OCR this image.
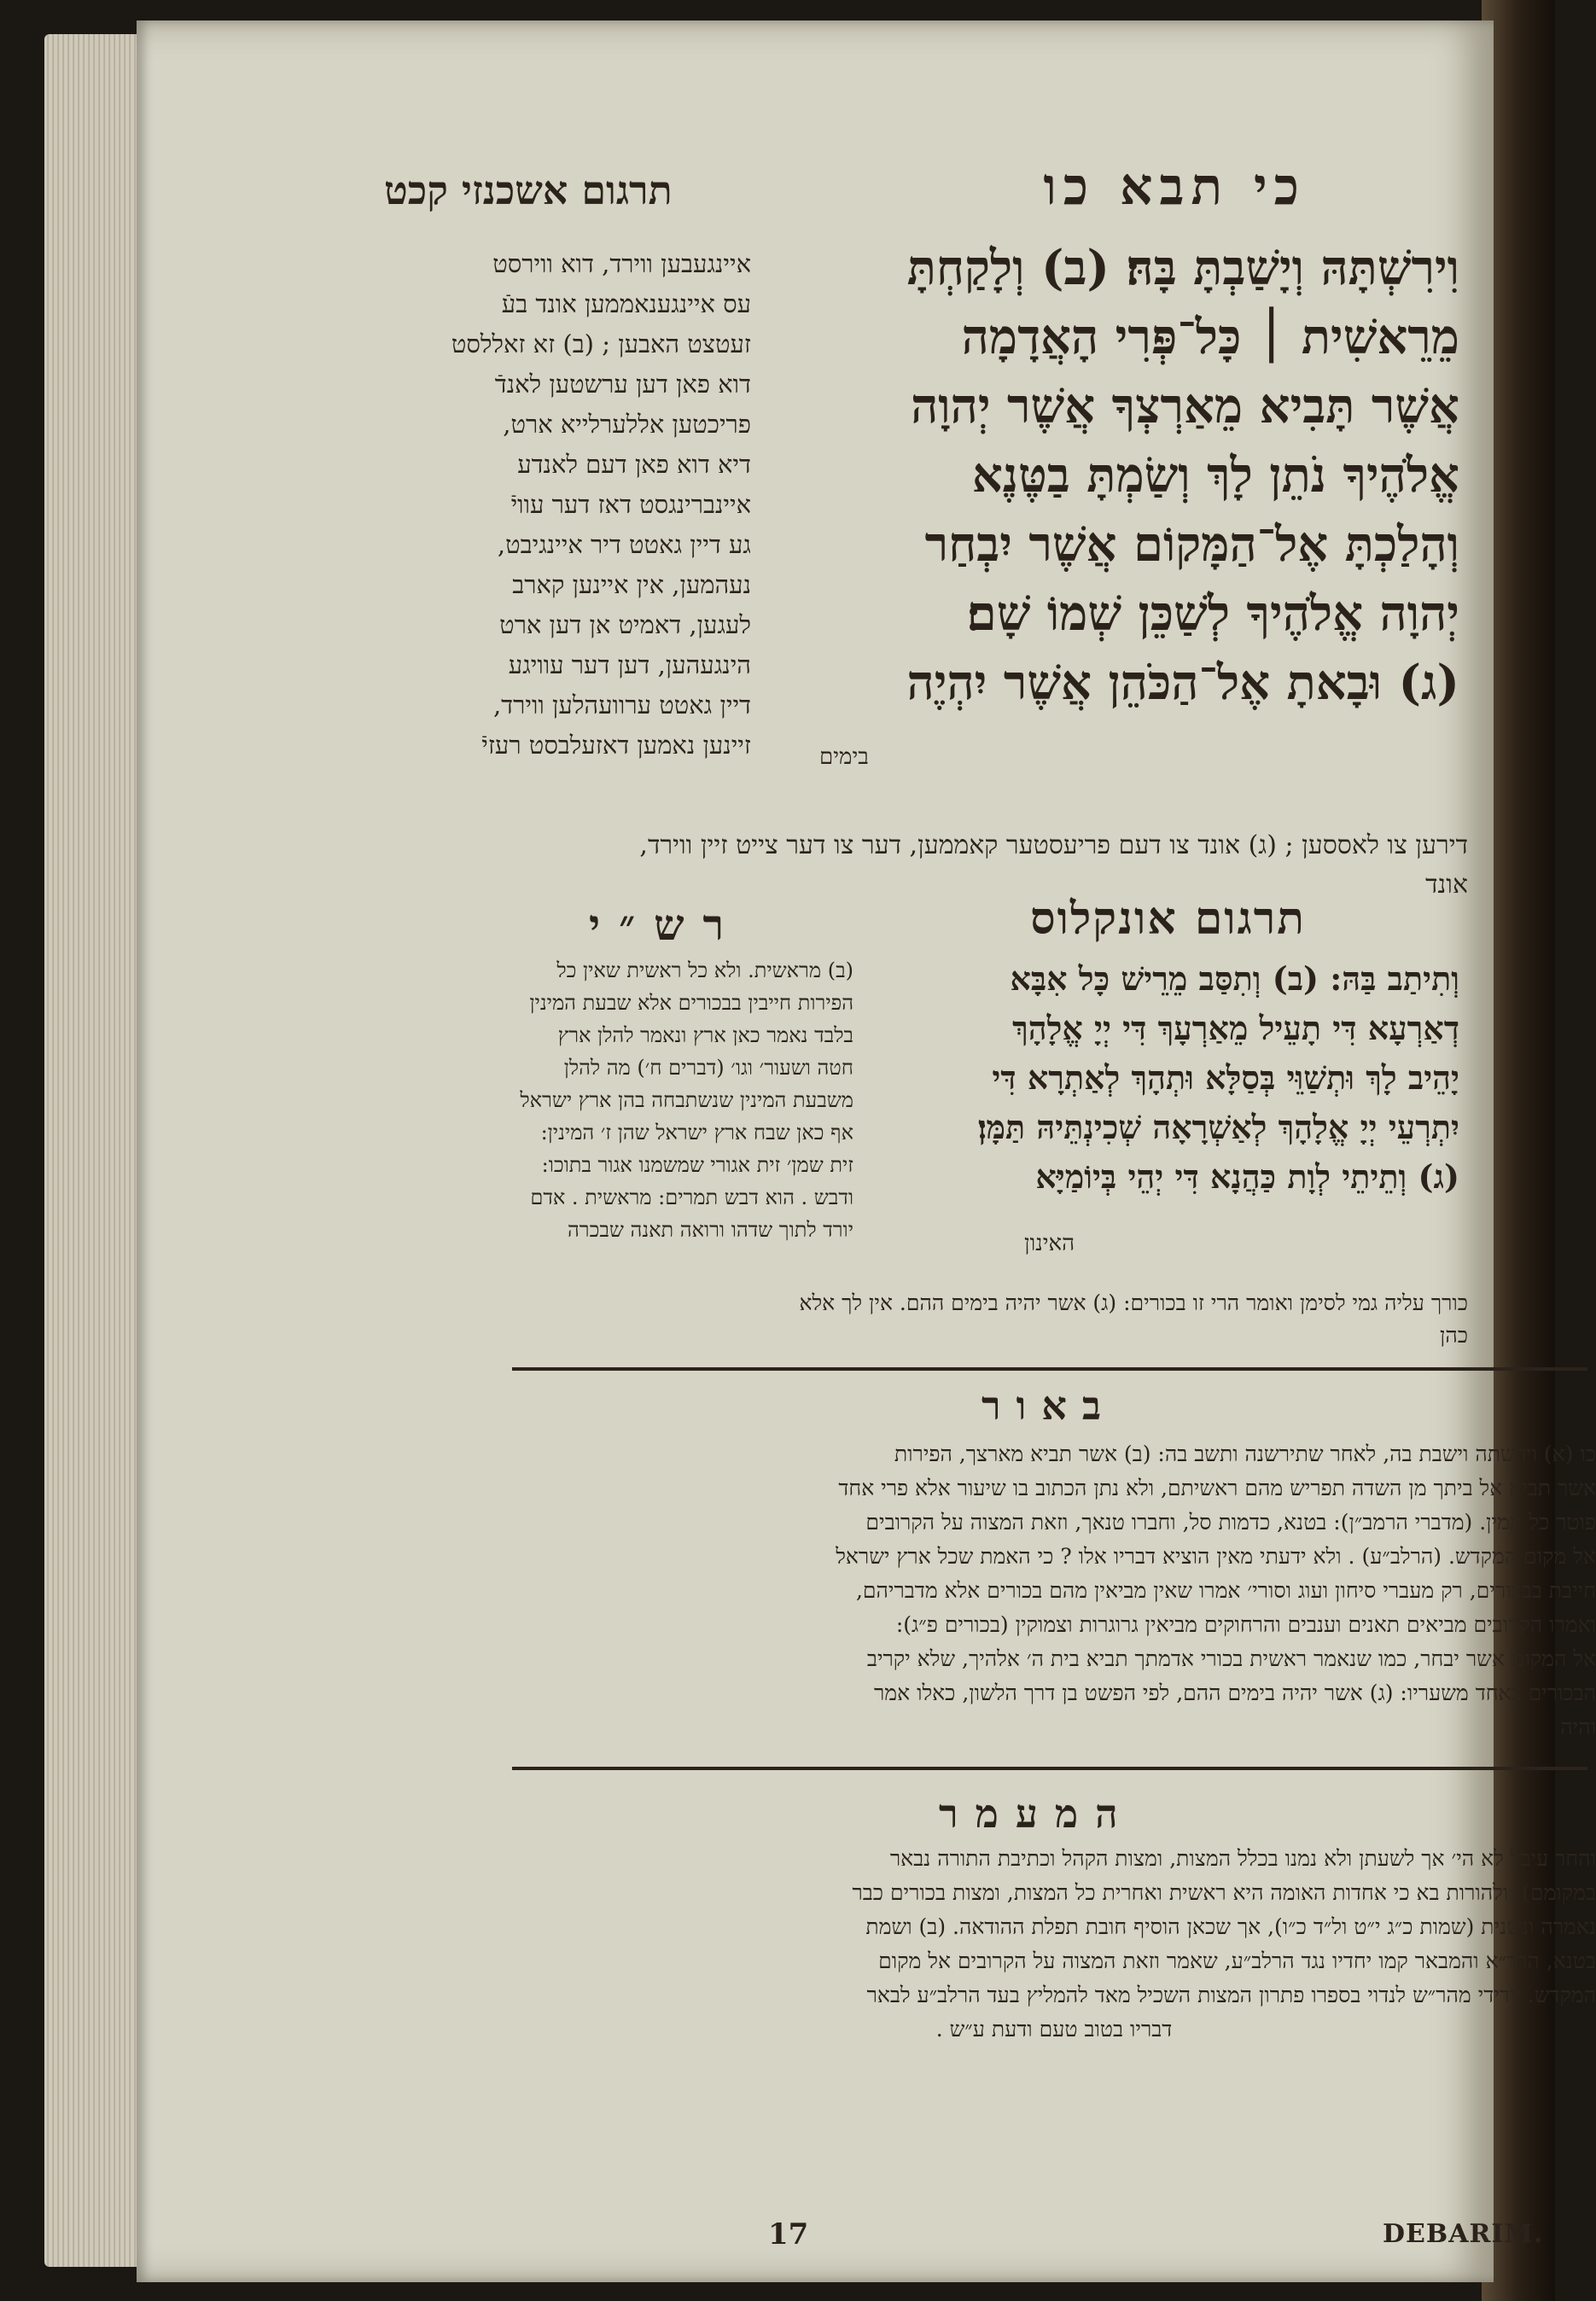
כי תבא כו
תרגום אשכנזי קכט
וִירִשְׁתָּהּ וְיָשַׁבְתָּ בָּהּ׃ (ב) וְלָקַחְתָּ
מֵרֵאשִׁית ׀ כָּל־פְּרִי הָאֲדָמָה
אֲשֶׁר תָּבִיא מֵאַרְצְךָ אֲשֶׁר יְהוָה
אֱלֹהֶיךָ נֹתֵן לָךְ וְשַׂמְתָּ בַטֶּנֶא
וְהָלַכְתָּ אֶל־הַמָּקוֹם אֲשֶׁר יִבְחַר
יְהוָה אֱלֹהֶיךָ לְשַׁכֵּן שְׁמוֹ שָׁם׃
(ג) וּבָאתָ אֶל־הַכֹּהֵן אֲשֶׁר יִהְיֶה
בימים
איינגעבען ווירד, דוא ווירסט
עס איינגענאממען אונד בעֿ
זעטצט האבען ; (ב) זא זאללסט
דוא פאן דען ערשטען לאנדֿ
פריכטען אללערלייא ארט,
דיא דוא פאן דעם לאנדע
איינברינגסט דאז דער עוויֿ
גע דיין גאטט דיר איינגיבט,
נעהמען, אין איינען קארב
לעגען, דאמיט אן דען ארט
הינגעהען, דען דער עוויגע
דיין גאטט ערוועהלען ווירד,
זיינען נאמען דאזעלבסט רעזיֿ
דירען צו לאססען ; (ג) אונד צו דעם פריעסטער קאממען, דער צו דער צייט זיין ווירד,
אונד
תרגום אונקלוס
רש״י
וְתִיתַב בַּהּ: (ב) וְתִסַּב מֵרֵישׁ כָּל אִבָּא
דְאַרְעָא דִּי תָעֵיל מֵאַרְעָךְ דִּי יְיָ אֱלָהָךְ
יָהֵיב לָךְ וּתְשַׁוֵּי בְּסַלָּא וּתְהָךְ לְאַתְרָא דִּי
יִתְרְעֵי יְיָ אֱלָהָךְ לְאַשְׁרָאָה שְׁכִינְתֵּיהּ תַּמָּן׃
(ג) וְתֵיתֵי לְוָת כַּהֲנָא דִּי יְהֵי בְּיוֹמַיָּא
האינון
(ב) מראשית. ולא כל ראשית שאין כל
הפירות חייבין בבכורים אלא שבעת המינין
בלבד נאמר כאן ארץ ונאמר להלן ארץ
חטה ושעור׳ וגו׳ (דברים ח׳) מה להלן
משבעת המינין שנשתבחה בהן ארץ ישראל
אף כאן שבח ארץ ישראל שהן ז׳ המינין:
זית שמן׳ זית אגורי שמשמנו אגור בתוכו:
ודבש . הוא דבש תמרים: מראשית . אדם
יורד לתוך שדהו ורואה תאנה שבכרה
כורך עליה גמי לסימן ואומר הרי זו בכורים: (ג) אשר יהיה בימים ההם. אין לך אלא
כהן
באור
כו (א) וירשתה וישבת בה, לאחר שתירשנה ותשב בה: (ב) אשר תביא מארצך, הפירות
אשר תביא אל ביתך מן השדה תפריש מהם ראשיתם, ולא נתן הכתוב בו שיעור אלא פרי אחד
פוטר כל המין. (מדברי הרמב״ן): בטנא, כדמות סל, וחברו טנאך, וזאת המצוה על הקרובים
אל מקום המקדש. (הרלב״ע) . ולא ידעתי מאין הוציא דבריו אלו ? כי האמת שכל ארץ ישראל
חייבת בבכורים, רק מעברי סיחון ועוג וסורי׳ אמרו שאין מביאין מהם בכורים אלא מדבריהם,
ואמרו הקרובים מביאים תאנים וענבים והרחוקים מביאין גרוגרות וצמוקין (בכורים פ״ג):
אל המקום אשר יבחר, כמו שנאמר ראשית בכורי אדמתך תביא בית ה׳ אלהיך, שלא יקריב
הבכורים באחד משעריו: (ג) אשר יהיה בימים ההם, לפי הפשט בן דרך הלשון, כאלו אמר
והיה
המעמר
והחר עיבל לא הי׳ אך לשעתן ולא נמנו בכלל המצות, ומצות הקהל וכתיבת התורה נבאר
במקומם), ולהורות בא כי אחדות האומה היא ראשית ואחרית כל המצות, ומצות בכורים כבר
נאמרה ונשנית (שמות כ״ג י״ט ול״ד כ״ו), אך שכאן הוסיף חובת תפלת ההודאה. (ב) ושמת
בטנא, הרד״א והמבאר קמו יחדיו נגד הרלב״ע, שאמר וזאת המצוה על הקרובים אל מקום
המקדש. וידידי מהר״ש לנדוי בספרו פתרון המצות השכיל מאד להמליץ בעד הרלב״ע לבאר
דבריו בטוב טעם ודעת ע״ש .
17	DEBARIM.
